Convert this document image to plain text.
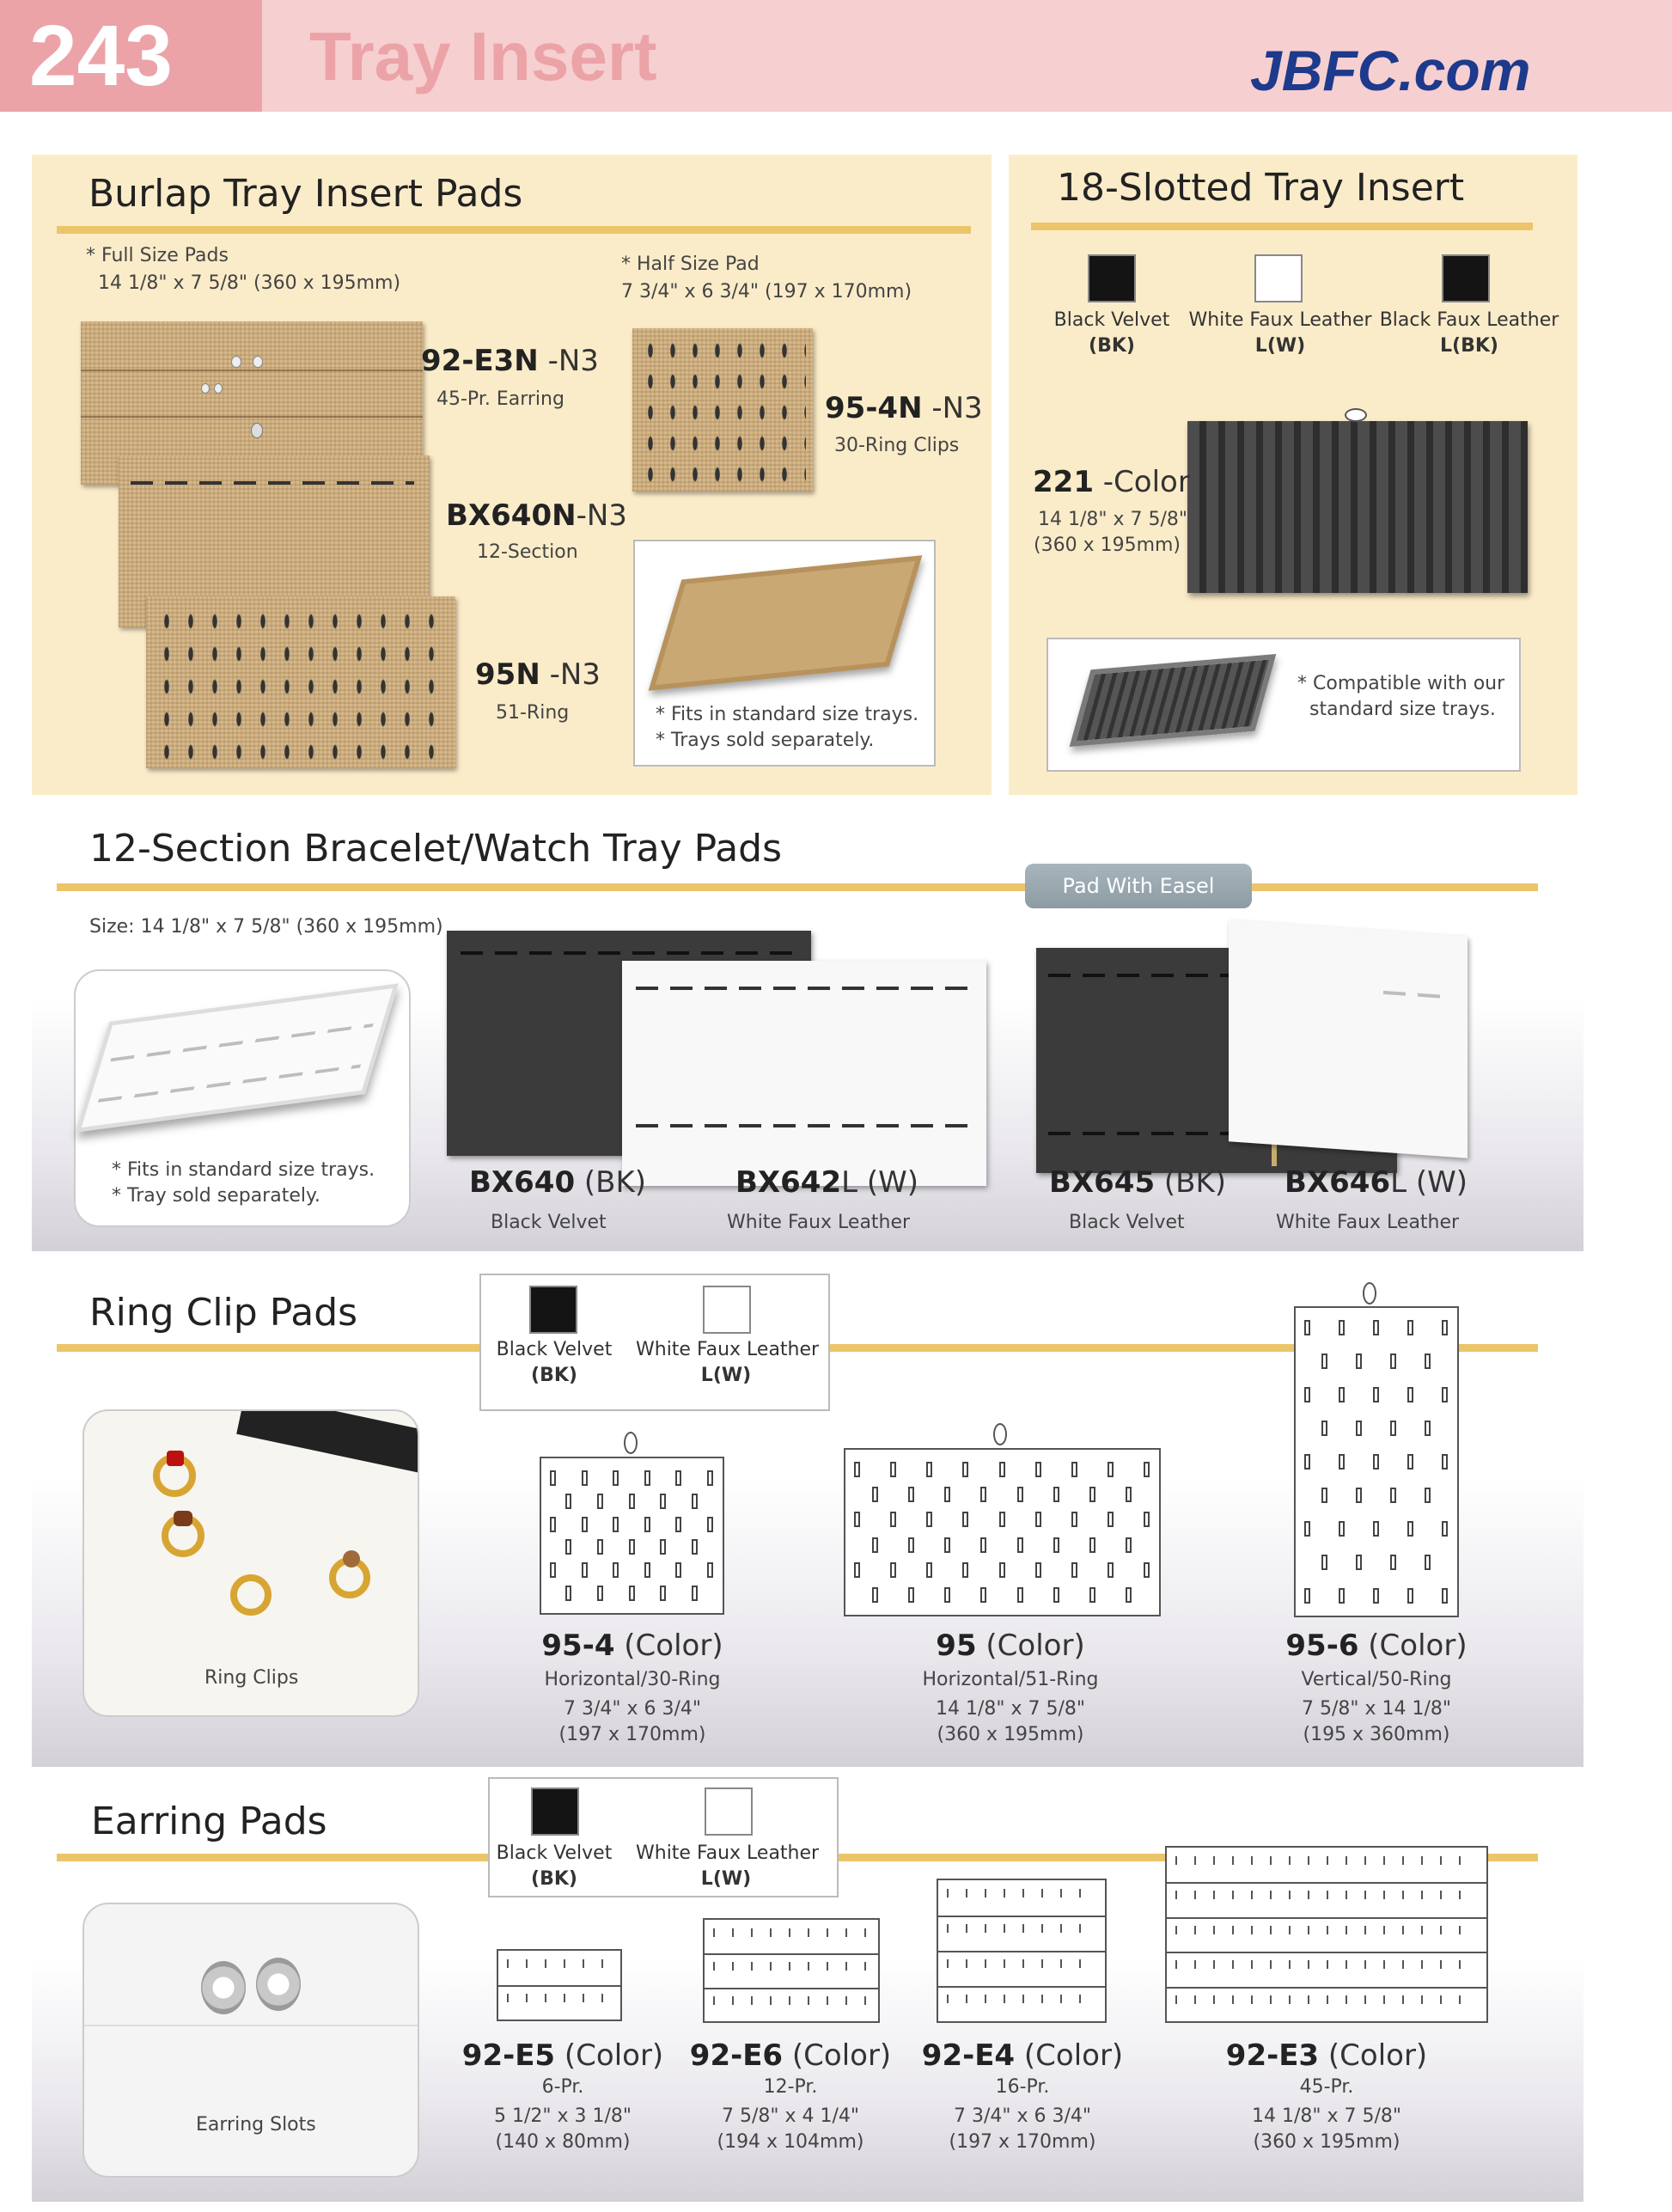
243	Tray Insert	JBFC.com
Burlap Tray Insert Pads
* Full Size Pads
14 1/8" x 7 5/8" (360 x 195mm)
* Half Size Pad
7 3/4" x 6 3/4" (197 x 170mm)
92-E3N -N3
45-Pr. Earring
BX640N-N3
12-Section
95N -N3
51-Ring
95-4N -N3
30-Ring Clips
* Fits in standard size trays.
* Trays sold separately.
18-Slotted Tray Insert
Black Velvet
(BK)
White Faux Leather
L(W)
Black Faux Leather
L(BK)
221 -Color
14 1/8" x 7 5/8"
(360 x 195mm)
* Compatible with our
standard size trays.
12-Section Bracelet/Watch Tray Pads
Pad With Easel
Size: 14 1/8" x 7 5/8" (360 x 195mm)
* Fits in standard size trays.
* Tray sold separately.	BX640 (BK)
Black Velvet
BX642L (W)
White Faux Leather
BX645 (BK)
Black Velvet
BX646L (W)
White Faux Leather
Ring Clip Pads
Black Velvet
(BK)
White Faux Leather
L(W)
Ring Clips
95-4 (Color)
Horizontal/30-Ring
7 3/4" x 6 3/4"
(197 x 170mm)
95 (Color)
Horizontal/51-Ring
14 1/8" x 7 5/8"
(360 x 195mm)
95-6 (Color)
Vertical/50-Ring
7 5/8" x 14 1/8"
(195 x 360mm)
Earring Pads
Black Velvet
(BK)
White Faux Leather
L(W)
Earring Slots
92-E5 (Color)
6-Pr.
5 1/2" x 3 1/8"
(140 x 80mm)
92-E6 (Color)
12-Pr.
7 5/8" x 4 1/4"
(194 x 104mm)
92-E4 (Color)
16-Pr.
7 3/4" x 6 3/4"
(197 x 170mm)
92-E3 (Color)
45-Pr.
14 1/8" x 7 5/8"
(360 x 195mm)
